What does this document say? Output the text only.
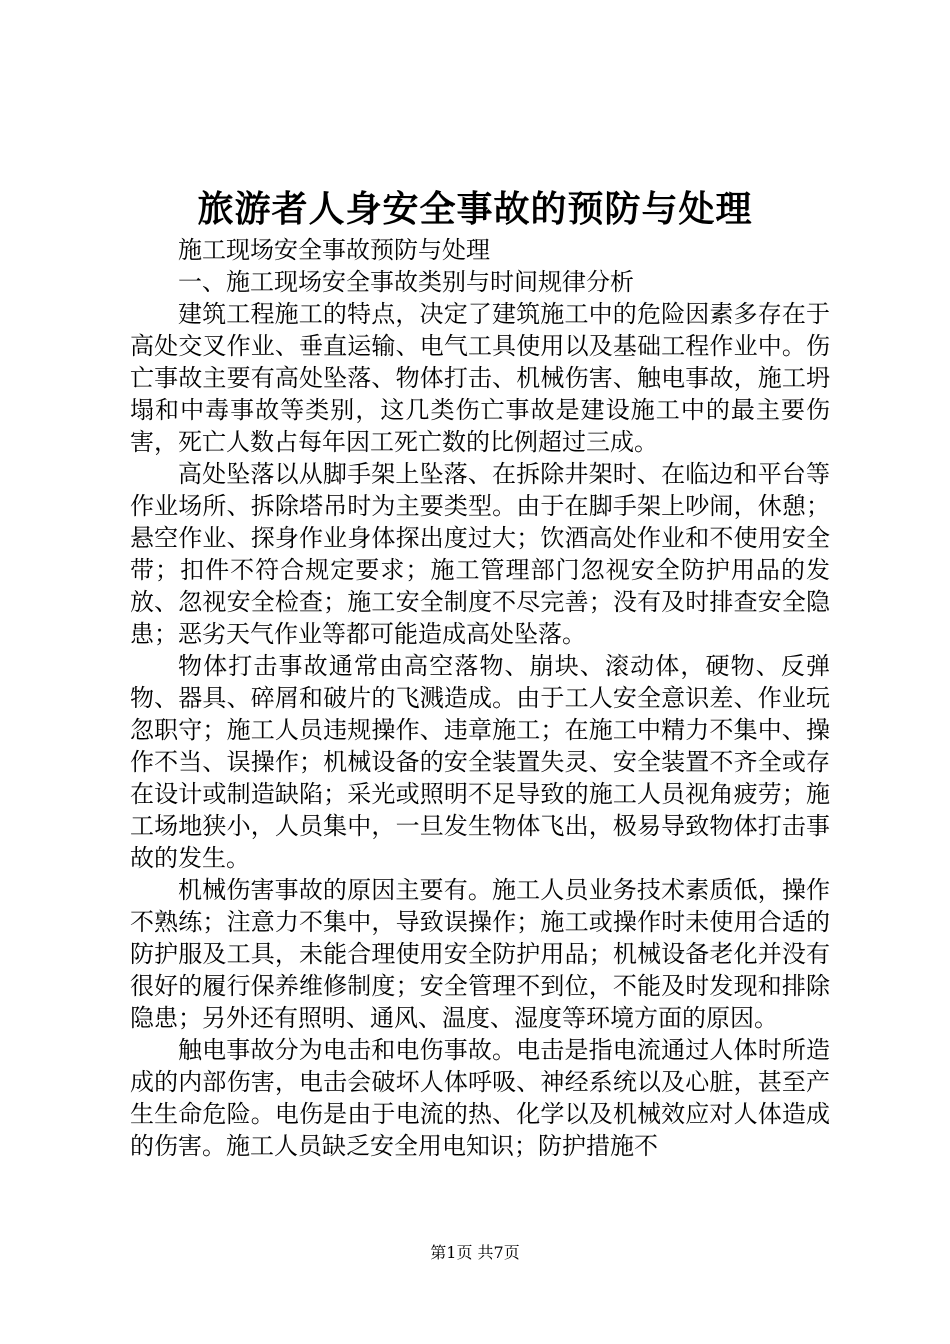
旅游者人身安全事故的预防与处理

施工现场安全事故预防与处理

一、施工现场安全事故类别与时间规律分析

建筑工程施工的特点，决定了建筑施工中的危险因素多存在于高处交叉作业、垂直运输、电气工具使用以及基础工程作业中。伤亡事故主要有高处坠落、物体打击、机械伤害、触电事故，施工坍塌和中毒事故等类别，这几类伤亡事故是建设施工中的最主要伤害，死亡人数占每年因工死亡数的比例超过三成。

高处坠落以从脚手架上坠落、在拆除井架时、在临边和平台等作业场所、拆除塔吊时为主要类型。由于在脚手架上吵闹，休憩；悬空作业、探身作业身体探出度过大；饮酒高处作业和不使用安全带；扣件不符合规定要求；施工管理部门忽视安全防护用品的发放、忽视安全检查；施工安全制度不尽完善；没有及时排查安全隐患；恶劣天气作业等都可能造成高处坠落。

物体打击事故通常由高空落物、崩块、滚动体，硬物、反弹物、器具、碎屑和破片的飞溅造成。由于工人安全意识差、作业玩忽职守；施工人员违规操作、违章施工；在施工中精力不集中、操作不当、误操作；机械设备的安全装置失灵、安全装置不齐全或存在设计或制造缺陷；采光或照明不足导致的施工人员视角疲劳；施工场地狭小，人员集中，一旦发生物体飞出，极易导致物体打击事故的发生。

机械伤害事故的原因主要有。施工人员业务技术素质低，操作不熟练；注意力不集中，导致误操作；施工或操作时未使用合适的防护服及工具，未能合理使用安全防护用品；机械设备老化并没有很好的履行保养维修制度；安全管理不到位，不能及时发现和排除隐患；另外还有照明、通风、温度、湿度等环境方面的原因。

触电事故分为电击和电伤事故。电击是指电流通过人体时所造成的内部伤害，电击会破坏人体呼吸、神经系统以及心脏，甚至产生生命危险。电伤是由于电流的热、化学以及机械效应对人体造成的伤害。施工人员缺乏安全用电知识；防护措施不

第1页 共7页
